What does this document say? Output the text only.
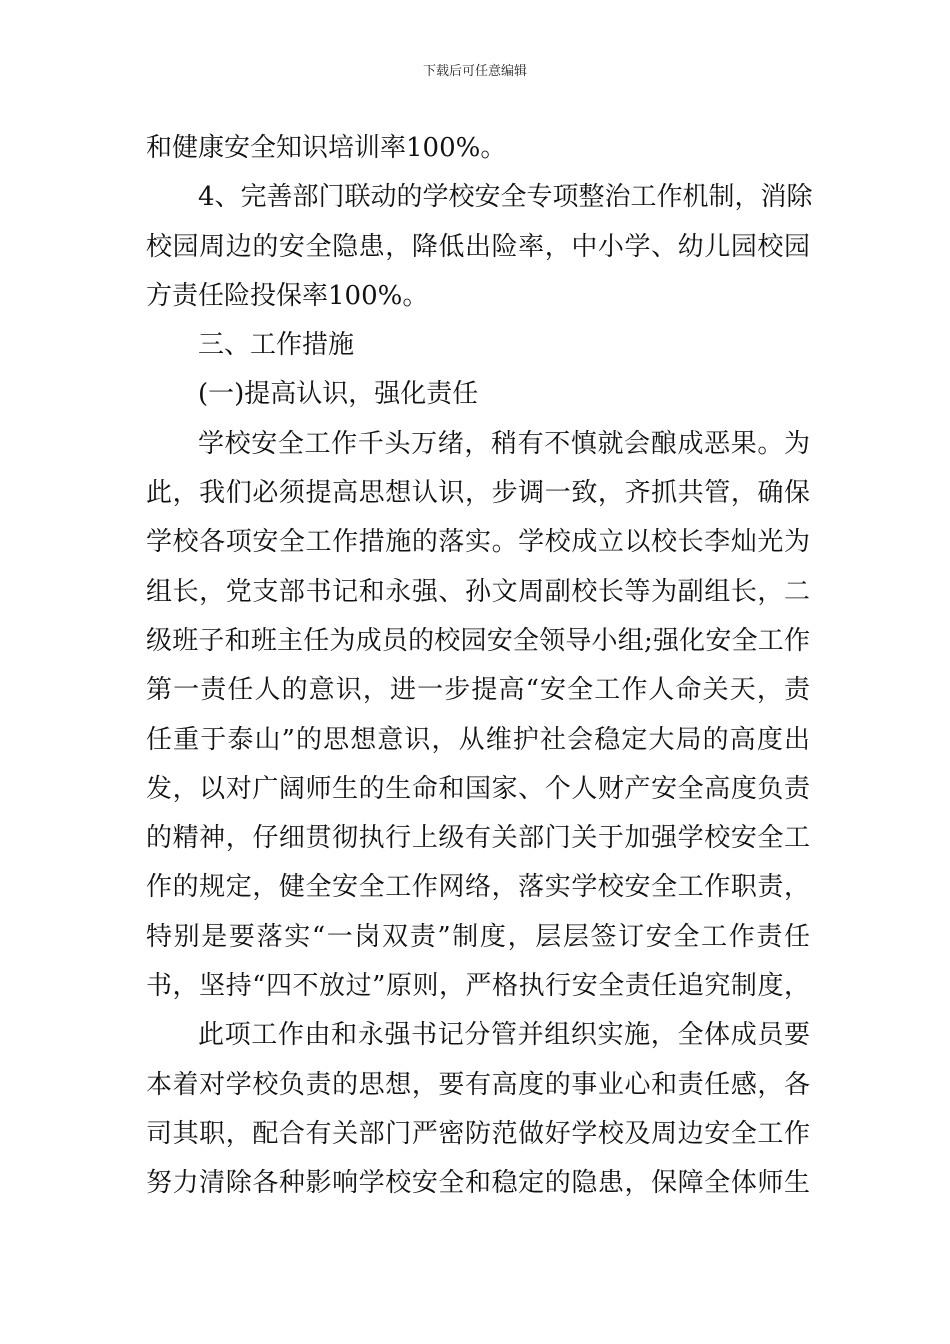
下载后可任意编辑
和健康安全知识培训率100%。
4、完善部门联动的学校安全专项整治工作机制，消除
校园周边的安全隐患，降低出险率，中小学、幼儿园校园
方责任险投保率100%。
三、工作措施
(一)提高认识，强化责任
学校安全工作千头万绪，稍有不慎就会酿成恶果。为
此，我们必须提高思想认识，步调一致，齐抓共管，确保
学校各项安全工作措施的落实。学校成立以校长李灿光为
组长，党支部书记和永强、孙文周副校长等为副组长，二
级班子和班主任为成员的校园安全领导小组;强化安全工作
第一责任人的意识，进一步提高“安全工作人命关天，责
任重于泰山”的思想意识，从维护社会稳定大局的高度出
发，以对广阔师生的生命和国家、个人财产安全高度负责
的精神，仔细贯彻执行上级有关部门关于加强学校安全工
作的规定，健全安全工作网络，落实学校安全工作职责，
特别是要落实“一岗双责”制度，层层签订安全工作责任
书，坚持“四不放过”原则，严格执行安全责任追究制度，
此项工作由和永强书记分管并组织实施，全体成员要
本着对学校负责的思想，要有高度的事业心和责任感，各
司其职，配合有关部门严密防范做好学校及周边安全工作
努力清除各种影响学校安全和稳定的隐患，保障全体师生
